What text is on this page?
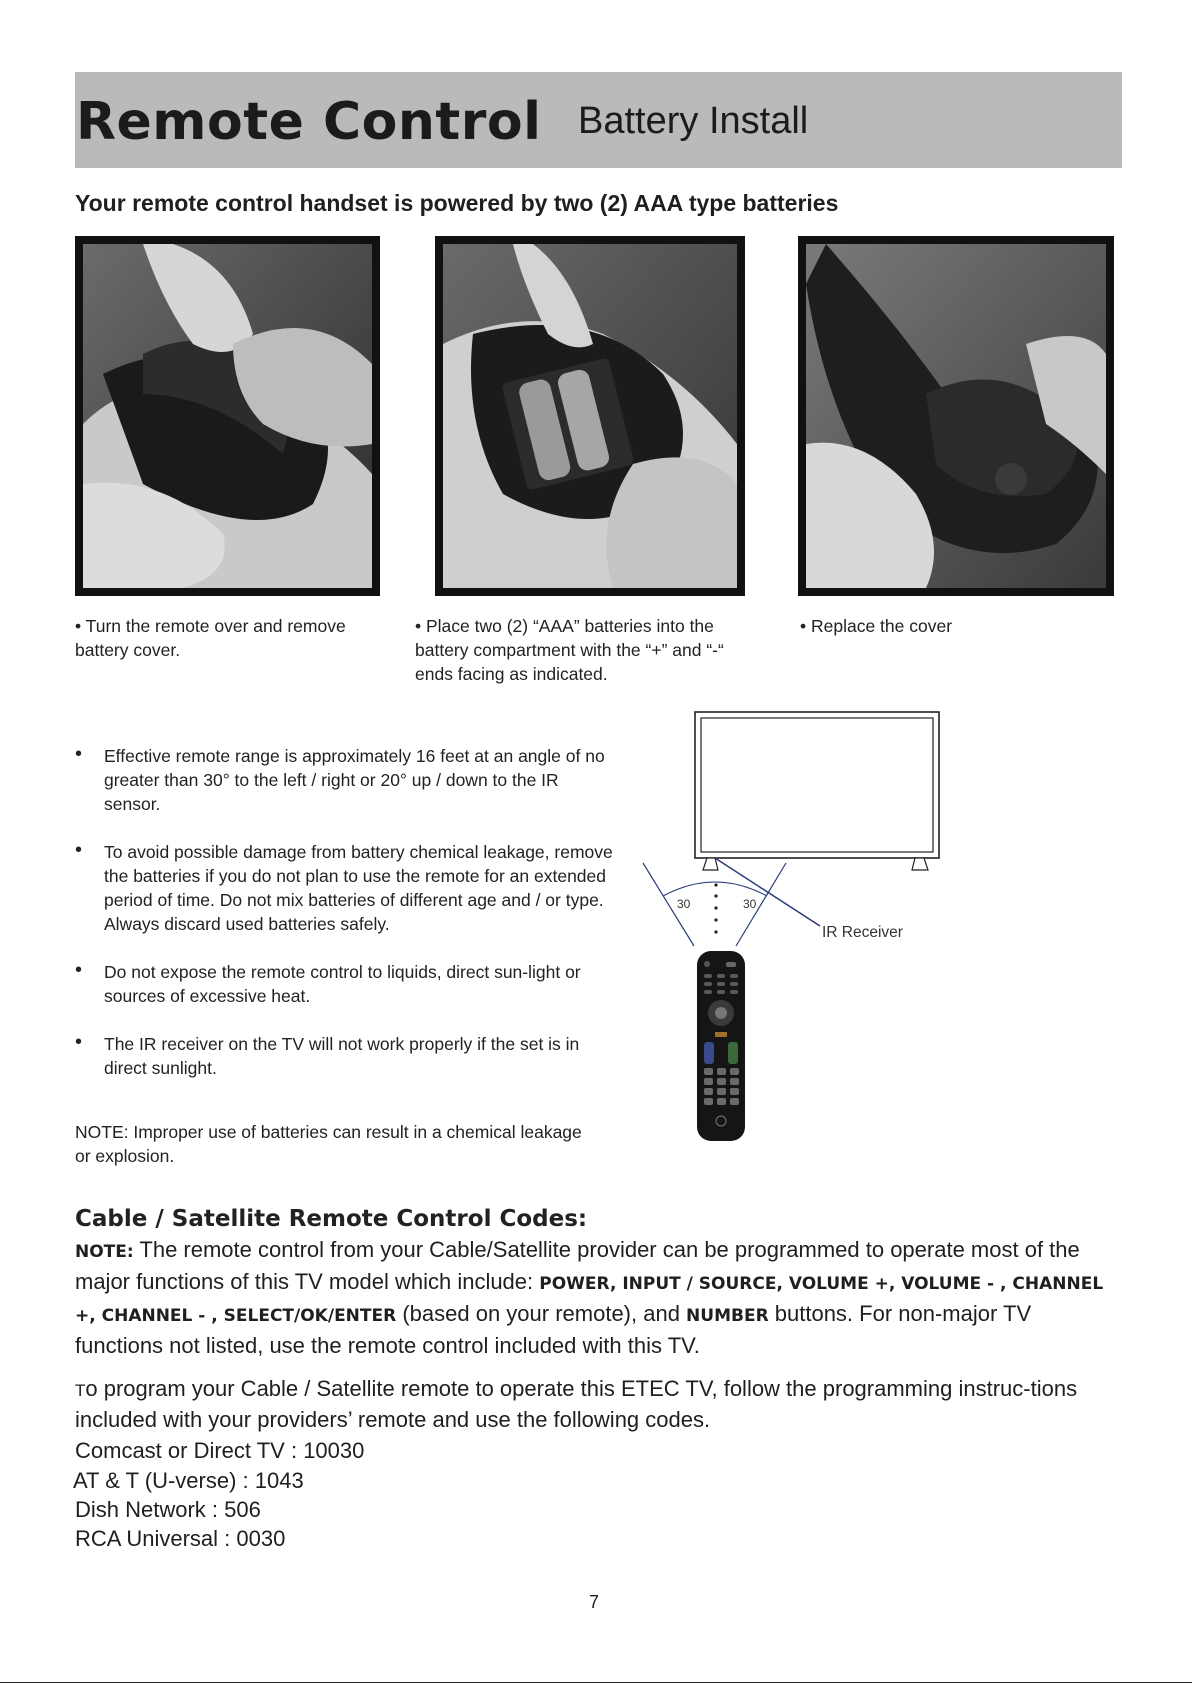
Remote Control Battery Install
Your remote control handset is powered by two (2) AAA type batteries
• Turn the remote over and remove battery cover.
• Place two (2) “AAA” batteries into the battery compartment with the “+” and “-“ ends facing as indicated.
• Replace the cover
• Effective remote range is approximately 16 feet at an angle of no greater than 30° to the left / right or 20° up / down to the IR sensor.
• To avoid possible damage from battery chemical leakage, remove the batteries if you do not plan to use the remote for an extended period of time. Do not mix batteries of different age and / or type. Always discard used batteries safely.
• Do not expose the remote control to liquids, direct sun-light or sources of excessive heat.
• The IR receiver on the TV will not work properly if the set is in direct sunlight.
NOTE: Improper use of batteries can result in a chemical leakage or explosion.
30	30
IR Receiver
Cable / Satellite Remote Control Codes:
NOTE: The remote control from your Cable/Satellite provider can be programmed to operate most of the major functions of this TV model which include: POWER, INPUT / SOURCE, VOLUME +, VOLUME - , CHANNEL +, CHANNEL - , SELECT/OK/ENTER (based on your remote), and NUMBER buttons. For non-major TV functions not listed, use the remote control included with this TV.
To program your Cable / Satellite remote to operate this ETEC TV, follow the programming instruc-tions included with your providers’ remote and use the following codes.
Comcast or Direct TV : 10030
AT & T (U-verse) : 1043
Dish Network : 506
RCA Universal : 0030
7
